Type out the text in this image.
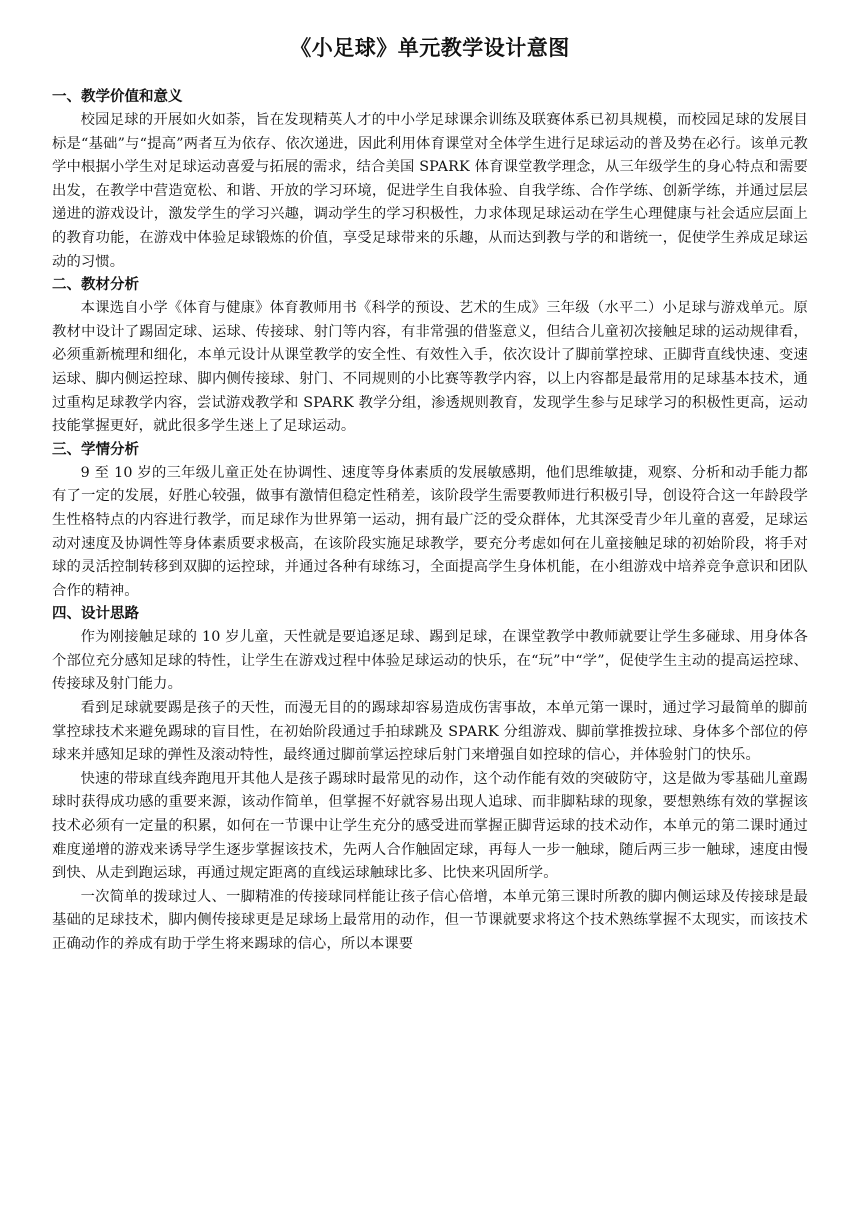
《小足球》单元教学设计意图
一、教学价值和意义

校园足球的开展如火如荼，旨在发现精英人才的中小学足球课余训练及联赛体系已初具规模，而校园足球的发展目标是“基础”与“提高”两者互为依存、依次递进，因此利用体育课堂对全体学生进行足球运动的普及势在必行。该单元教学中根据小学生对足球运动喜爱与拓展的需求，结合美国 SPARK 体育课堂教学理念，从三年级学生的身心特点和需要出发，在教学中营造宽松、和谐、开放的学习环境，促进学生自我体验、自我学练、合作学练、创新学练，并通过层层递进的游戏设计，激发学生的学习兴趣，调动学生的学习积极性，力求体现足球运动在学生心理健康与社会适应层面上的教育功能，在游戏中体验足球锻炼的价值，享受足球带来的乐趣，从而达到教与学的和谐统一，促使学生养成足球运动的习惯。

二、教材分析

本课选自小学《体育与健康》体育教师用书《科学的预设、艺术的生成》三年级（水平二）小足球与游戏单元。原教材中设计了踢固定球、运球、传接球、射门等内容，有非常强的借鉴意义，但结合儿童初次接触足球的运动规律看，必须重新梳理和细化，本单元设计从课堂教学的安全性、有效性入手，依次设计了脚前掌控球、正脚背直线快速、变速运球、脚内侧运控球、脚内侧传接球、射门、不同规则的小比赛等教学内容，以上内容都是最常用的足球基本技术，通过重构足球教学内容，尝试游戏教学和 SPARK 教学分组，渗透规则教育，发现学生参与足球学习的积极性更高，运动技能掌握更好，就此很多学生迷上了足球运动。

三、学情分析

9 至 10 岁的三年级儿童正处在协调性、速度等身体素质的发展敏感期，他们思维敏捷，观察、分析和动手能力都有了一定的发展，好胜心较强，做事有激情但稳定性稍差，该阶段学生需要教师进行积极引导，创设符合这一年龄段学生性格特点的内容进行教学，而足球作为世界第一运动，拥有最广泛的受众群体，尤其深受青少年儿童的喜爱，足球运动对速度及协调性等身体素质要求极高，在该阶段实施足球教学，要充分考虑如何在儿童接触足球的初始阶段，将手对球的灵活控制转移到双脚的运控球，并通过各种有球练习，全面提高学生身体机能，在小组游戏中培养竞争意识和团队合作的精神。

四、设计思路

作为刚接触足球的 10 岁儿童，天性就是要追逐足球、踢到足球，在课堂教学中教师就要让学生多碰球、用身体各个部位充分感知足球的特性，让学生在游戏过程中体验足球运动的快乐，在“玩”中“学”，促使学生主动的提高运控球、传接球及射门能力。

看到足球就要踢是孩子的天性，而漫无目的的踢球却容易造成伤害事故，本单元第一课时，通过学习最简单的脚前掌控球技术来避免踢球的盲目性，在初始阶段通过手拍球跳及 SPARK 分组游戏、脚前掌推拨拉球、身体多个部位的停球来并感知足球的弹性及滚动特性，最终通过脚前掌运控球后射门来增强自如控球的信心，并体验射门的快乐。

快速的带球直线奔跑甩开其他人是孩子踢球时最常见的动作，这个动作能有效的突破防守，这是做为零基础儿童踢球时获得成功感的重要来源，该动作简单，但掌握不好就容易出现人追球、而非脚粘球的现象，要想熟练有效的掌握该技术必须有一定量的积累，如何在一节课中让学生充分的感受进而掌握正脚背运球的技术动作，本单元的第二课时通过难度递增的游戏来诱导学生逐步掌握该技术，先两人合作触固定球，再每人一步一触球，随后两三步一触球，速度由慢到快、从走到跑运球，再通过规定距离的直线运球触球比多、比快来巩固所学。

一次简单的拨球过人、一脚精准的传接球同样能让孩子信心倍增，本单元第三课时所教的脚内侧运球及传接球是最基础的足球技术，脚内侧传接球更是足球场上最常用的动作，但一节课就要求将这个技术熟练掌握不太现实，而该技术正确动作的养成有助于学生将来踢球的信心，所以本课要
